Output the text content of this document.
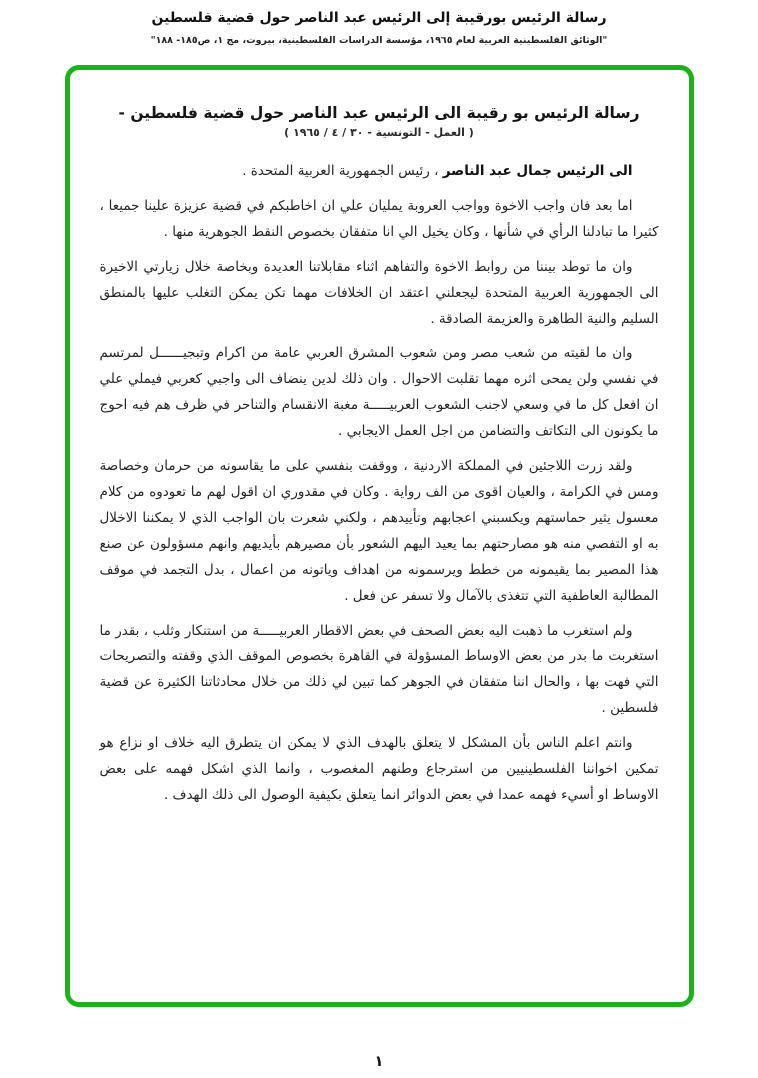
رسالة الرئيس بورقيبة إلى الرئيس عبد الناصر حول قضية فلسطين
"الوثائق الفلسطينية العربية لعام ١٩٦٥، مؤسسة الدراسات الفلسطينية، بيروت، مج ١، ص١٨٥- ١٨٨"
رسالة الرئيس بو رقيبة الى الرئيس عبد الناصر حول قضية فلسطين -
( العمل - التونسية - ٣٠ / ٤ / ١٩٦٥ )

الى الرئيس جمال عبد الناصر ، رئيس الجمهورية العربية المتحدة .

اما بعد فان واجب الاخوة وواجب العروبة يمليان علي ان اخاطبكم في قضية عزيزة علينا جميعا ، كثيرا ما تبادلنا الرأي في شأنها ، وكان يخيل الي انا متفقان بخصوص النقط الجوهرية منها .

وان ما توطد بيننا من روابط الاخوة والتفاهم اثناء مقابلاتنا العديدة وبخاصة خلال زيارتي الاخيرة الى الجمهورية العربية المتحدة ليجعلني اعتقد ان الخلافات مهما تكن يمكن التغلب عليها بالمنطق السليم والنية الطاهرة والعزيمة الصادقة .

وان ما لقيته من شعب مصر ومن شعوب المشرق العربي عامة من اكرام وتبجيــــــل لمرتسم في نفسي ولن يمحى اثره مهما تقلبت الاحوال . وان ذلك لدين ينضاف الى واجبي كعربي فيملي علي ان افعل كل ما في وسعي لاجنب الشعوب العربيـــــة مغبة الانقسام والتناحر في ظرف هم فيه احوج ما يكونون الى التكاتف والتضامن من اجل العمل الايجابي .

ولقد زرت اللاجئين في المملكة الاردنية ، ووقفت بنفسي على ما يقاسونه من حرمان وخصاصة ومس في الكرامة ، والعيان اقوى من الف رواية . وكان في مقدوري ان اقول لهم ما تعودوه من كلام معسول يثير حماستهم ويكسبني اعجابهم وتأييدهم ، ولكني شعرت بان الواجب الذي لا يمكننا الاخلال به او التفصي منه هو مصارحتهم بما يعيد اليهم الشعور بأن مصيرهم بأيديهم وانهم مسؤولون عن صنع هذا المصير بما يقيمونه من خطط ويرسمونه من اهداف وياتونه من اعمال ، بدل التجمد في موقف المطالبة العاطفية التي تتغذى بالآمال ولا تسفر عن فعل .

ولم استغرب ما ذهبت اليه بعض الصحف في بعض الاقطار العربيـــــة من استنكار وثلب ، بقدر ما استغربت ما بدر من بعض الاوساط المسؤولة في القاهرة بخصوص الموقف الذي وقفته والتصريحات التي فهت بها ، والحال اننا متفقان في الجوهر كما تبين لي ذلك من خلال محادثاتنا الكثيرة عن قضية فلسطين .

وانتم اعلم الناس بأن المشكل لا يتعلق بالهدف الذي لا يمكن ان يتطرق اليه خلاف او نزاع هو تمكين اخواننا الفلسطينيين من استرجاع وطنهم المغصوب ، وانما الذي اشكل فهمه على بعض الاوساط او أسيء فهمه عمدا في بعض الدوائر انما يتعلق بكيفية الوصول الى ذلك الهدف .

١
